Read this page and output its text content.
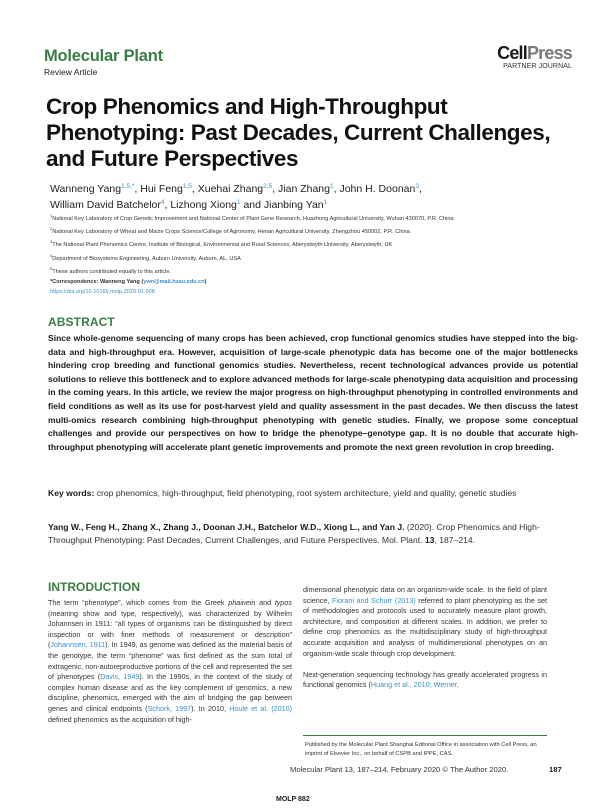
Molecular Plant
Review Article
CellPress
PARTNER JOURNAL
Crop Phenomics and High-Throughput Phenotyping: Past Decades, Current Challenges, and Future Perspectives
Wanneng Yang$^{1,5,*}$, Hui Feng$^{1,5}$, Xuehai Zhang$^{2,5}$, Jian Zhang$^1$, John H. Doonan$^3$,
William David Batchelor$^4$, Lizhong Xiong$^1$ and Jianbing Yan$^1$
$^1$National Key Laboratory of Crop Genetic Improvement and National Center of Plant Gene Research, Huazhong Agricultural University, Wuhan 430070, P.R. China
$^2$National Key Laboratory of Wheat and Maize Crops Science/College of Agronomy, Henan Agricultural University, Zhengzhou 450002, P.R. China
$^3$The National Plant Phenomics Centre, Institute of Biological, Environmental and Rural Sciences, Aberystwyth University, Aberystwyth, UK
$^4$Department of Biosystems Engineering, Auburn University, Auburn, AL, USA
$^5$These authors contributed equally to this article.
*Correspondence: Wanneng Yang (ywn@mail.hzau.edu.cn)
https://doi.org/10.1016/j.molp.2020.01.008
ABSTRACT
Since whole-genome sequencing of many crops has been achieved, crop functional genomics studies have stepped into the big-data and high-throughput era. However, acquisition of large-scale phenotypic data has become one of the major bottlenecks hindering crop breeding and functional genomics studies. Nevertheless, recent technological advances provide us potential solutions to relieve this bottleneck and to explore advanced methods for large-scale phenotyping data acquisition and processing in the coming years. In this article, we review the major progress on high-throughput phenotyping in controlled environments and field conditions as well as its use for post-harvest yield and quality assessment in the past decades. We then discuss the latest multi-omics research combining high-throughput phenotyping with genetic studies. Finally, we propose some conceptual challenges and provide our perspectives on how to bridge the phenotype–genotype gap. It is no double that accurate high-throughput phenotyping will accelerate plant genetic improvements and promote the next green revolution in crop breeding.
Key words: crop phenomics, high-throughput, field phenotyping, root system architecture, yield and quality, genetic studies
Yang W., Feng H., Zhang X., Zhang J., Doonan J.H., Batchelor W.D., Xiong L., and Yan J. (2020). Crop Phenomics and High-Throughput Phenotyping: Past Decades, Current Challenges, and Future Perspectives. Mol. Plant. 13, 187–214.
INTRODUCTION

The term “phenotype”, which comes from the Greek phainein and typos (meaning show and type, respectively), was characterized by Wilhelm Johannsen in 1911: “all types of organisms can be distinguished by direct inspection or with finer methods of measurement or description” (Johannsen, 1911). In 1949, as genome was defined as the material basis of the genotype, the term “phenome” was first defined as the sum total of extragenic, non-autoreproductive portions of the cell and represented the set of phenotypes (Davis, 1949). In the 1990s, in the context of the study of complex human disease and as the key complement of genomics, a new discipline, phenomics, emerged with the aim of bridging the gap between genes and clinical endpoints (Schork, 1997). In 2010, Houle et al. (2010) defined phenomics as the acquisition of high-

dimensional phenotypic data on an organism-wide scale. In the field of plant science, Fiorani and Schurr (2013) referred to plant phenotyping as the set of methodologies and protocols used to accurately measure plant growth, architecture, and composition at different scales. In addition, we prefer to define crop phenomics as the multidisciplinary study of high-throughput accurate acquisition and analysis of multidimensional phenotypes on an organism-wide scale through crop development.

Next-generation sequencing technology has greatly accelerated progress in functional genomics (Huang et al., 2010; Werner,

Published by the Molecular Plant Shanghai Editorial Office in association with Cell Press, an imprint of Elsevier Inc., on behalf of CSPB and IPPE, CAS.
Molecular Plant 13, 187–214, February 2020 © The Author 2020.	187
MOLP 882
